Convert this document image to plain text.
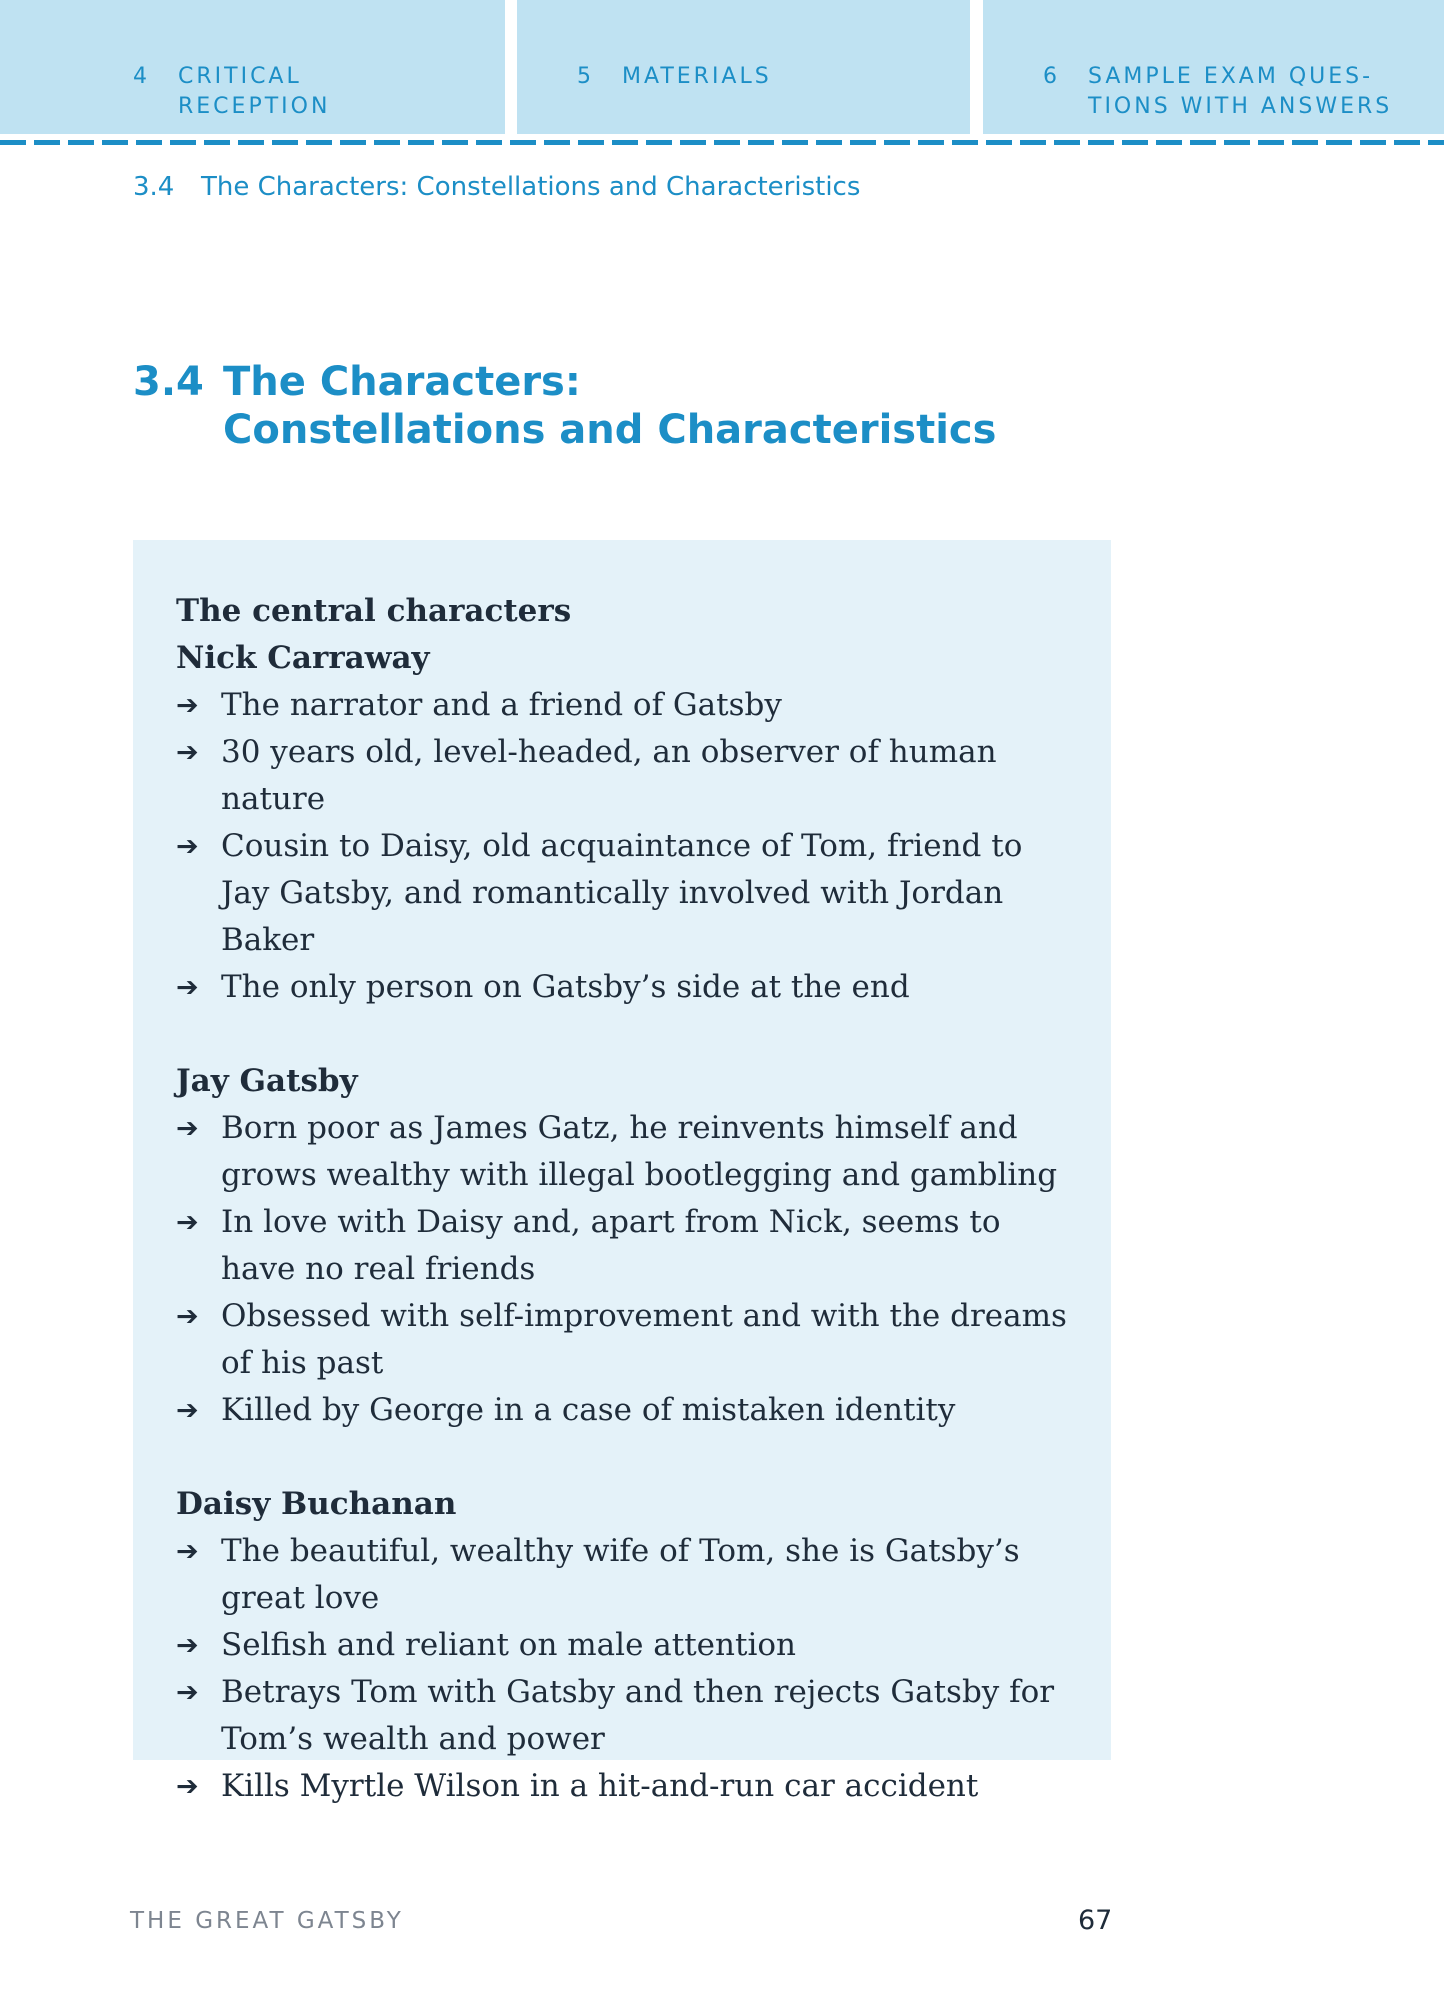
4	CRITICAL
RECEPTION
5	MATERIALS	6	SAMPLE EXAM QUES-
TIONS WITH ANSWERS
3.4 The Characters: Constellations and Characteristics
3.4 The Characters:
Constellations and Characteristics
The central characters
Nick Carraway
➔ The narrator and a friend of Gatsby
➔ 30 years old, level-headed, an observer of human nature
➔ Cousin to Daisy, old acquaintance of Tom, friend to Jay Gatsby, and romantically involved with Jordan Baker
➔ The only person on Gatsby’s side at the end
Jay Gatsby
➔ Born poor as James Gatz, he reinvents himself and grows wealthy with illegal bootlegging and gambling
➔ In love with Daisy and, apart from Nick, seems to have no real friends
➔ Obsessed with self-improvement and with the dreams of his past
➔ Killed by George in a case of mistaken identity
Daisy Buchanan
➔ The beautiful, wealthy wife of Tom, she is Gatsby’s great love
➔ Selfish and reliant on male attention
➔ Betrays Tom with Gatsby and then rejects Gatsby for Tom’s wealth and power
➔ Kills Myrtle Wilson in a hit-and-run car accident
THE GREAT GATSBY	67
